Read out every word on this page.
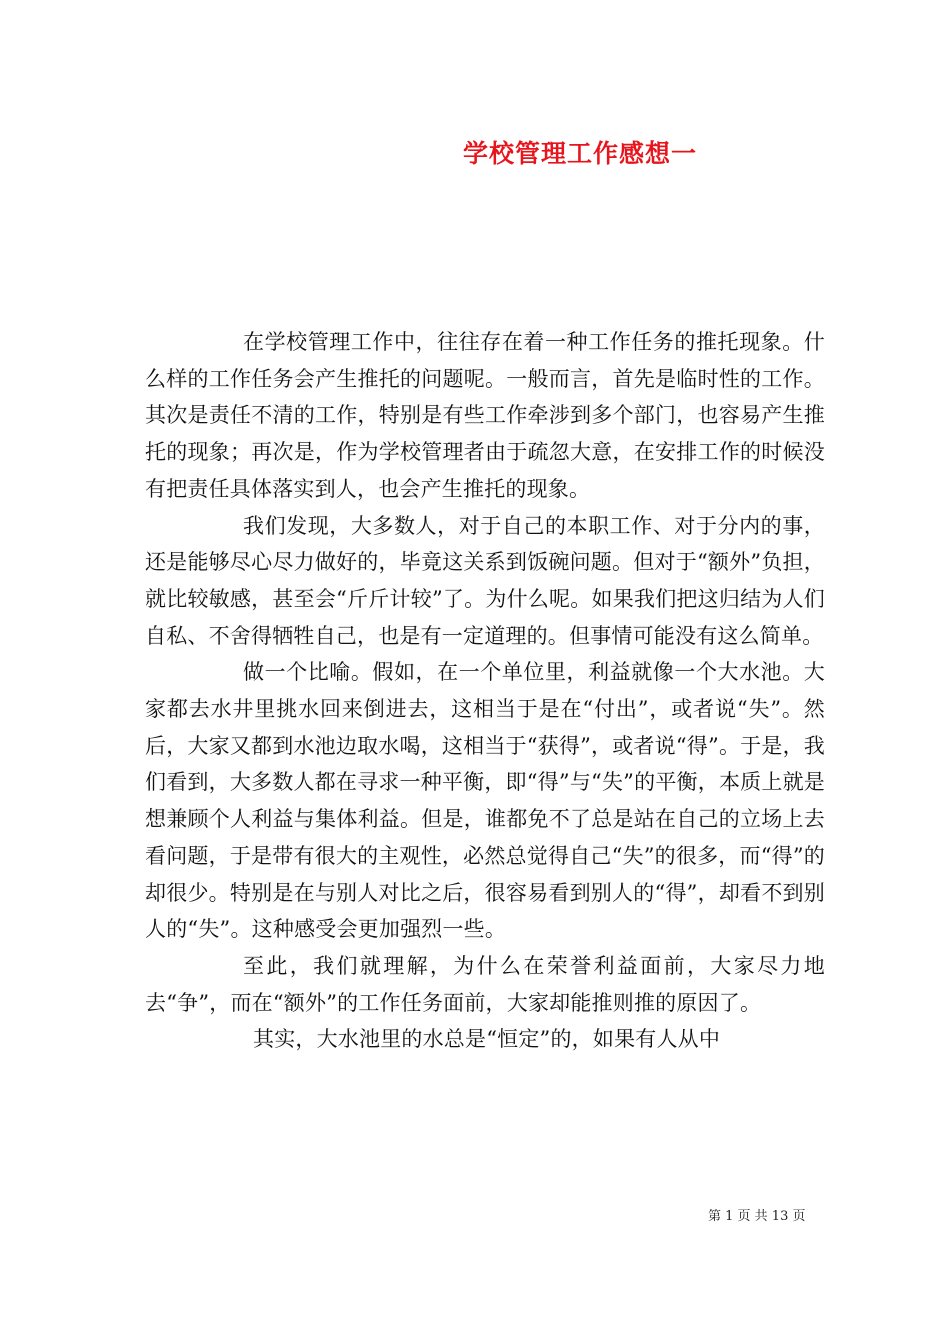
学校管理工作感想一

在学校管理工作中，往往存在着一种工作任务的推托现象。什么样的工作任务会产生推托的问题呢。一般而言，首先是临时性的工作。其次是责任不清的工作，特别是有些工作牵涉到多个部门，也容易产生推托的现象；再次是，作为学校管理者由于疏忽大意，在安排工作的时候没有把责任具体落实到人，也会产生推托的现象。

我们发现，大多数人，对于自己的本职工作、对于分内的事，还是能够尽心尽力做好的，毕竟这关系到饭碗问题。但对于“额外”负担，就比较敏感，甚至会“斤斤计较”了。为什么呢。如果我们把这归结为人们自私、不舍得牺牲自己，也是有一定道理的。但事情可能没有这么简单。

做一个比喻。假如，在一个单位里，利益就像一个大水池。大家都去水井里挑水回来倒进去，这相当于是在“付出”，或者说“失”。然后，大家又都到水池边取水喝，这相当于“获得”，或者说“得”。于是，我们看到，大多数人都在寻求一种平衡，即“得”与“失”的平衡，本质上就是想兼顾个人利益与集体利益。但是，谁都免不了总是站在自己的立场上去看问题，于是带有很大的主观性，必然总觉得自己“失”的很多，而“得”的却很少。特别是在与别人对比之后，很容易看到别人的“得”，却看不到别人的“失”。这种感受会更加强烈一些。

至此，我们就理解，为什么在荣誉利益面前，大家尽力地去“争”，而在“额外”的工作任务面前，大家却能推则推的原因了。

其实，大水池里的水总是“恒定”的，如果有人从中

第 1 页 共 13 页
